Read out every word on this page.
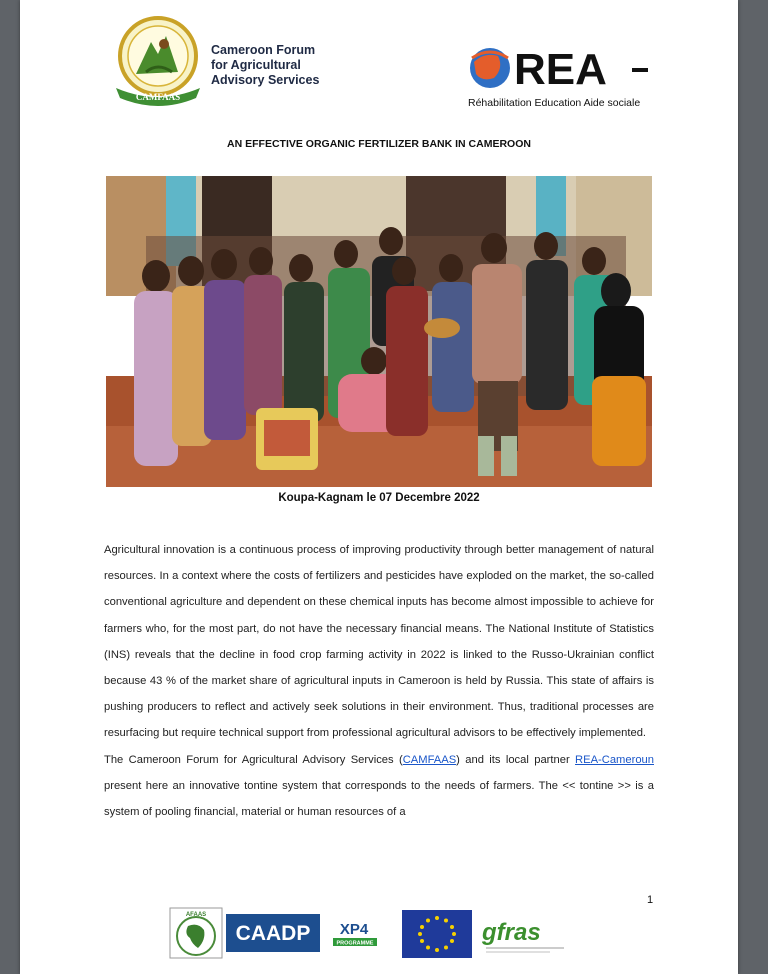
CAMFAAS
Cameroon Forum
for Agricultural
Advisory Services	REA
Réhabilitation Education Aide sociale
AN EFFECTIVE ORGANIC FERTILIZER BANK IN CAMEROON
Koupa-Kagnam le 07 Decembre 2022

Agricultural innovation is a continuous process of improving productivity through better management of natural resources. In a context where the costs of fertilizers and pesticides have exploded on the market, the so-called conventional agriculture and dependent on these chemical inputs has become almost impossible to achieve for farmers who, for the most part, do not have the necessary financial means. The National Institute of Statistics (INS) reveals that the decline in food crop farming activity in 2022 is linked to the Russo-Ukrainian conflict because 43 % of the market share of agricultural inputs in Cameroon is held by Russia. This state of affairs is pushing producers to reflect and actively seek solutions in their environment. Thus, traditional processes are resurfacing but require technical support from professional agricultural advisors to be effectively implemented.

The Cameroon Forum for Agricultural Advisory Services (CAMFAAS) and its local partner REA-Cameroun present here an innovative tontine system that corresponds to the needs of farmers. The << tontine >> is a system of pooling financial, material or human resources of a

1
AFAAS
CAADP XP4
PROGRAMME	gfras
